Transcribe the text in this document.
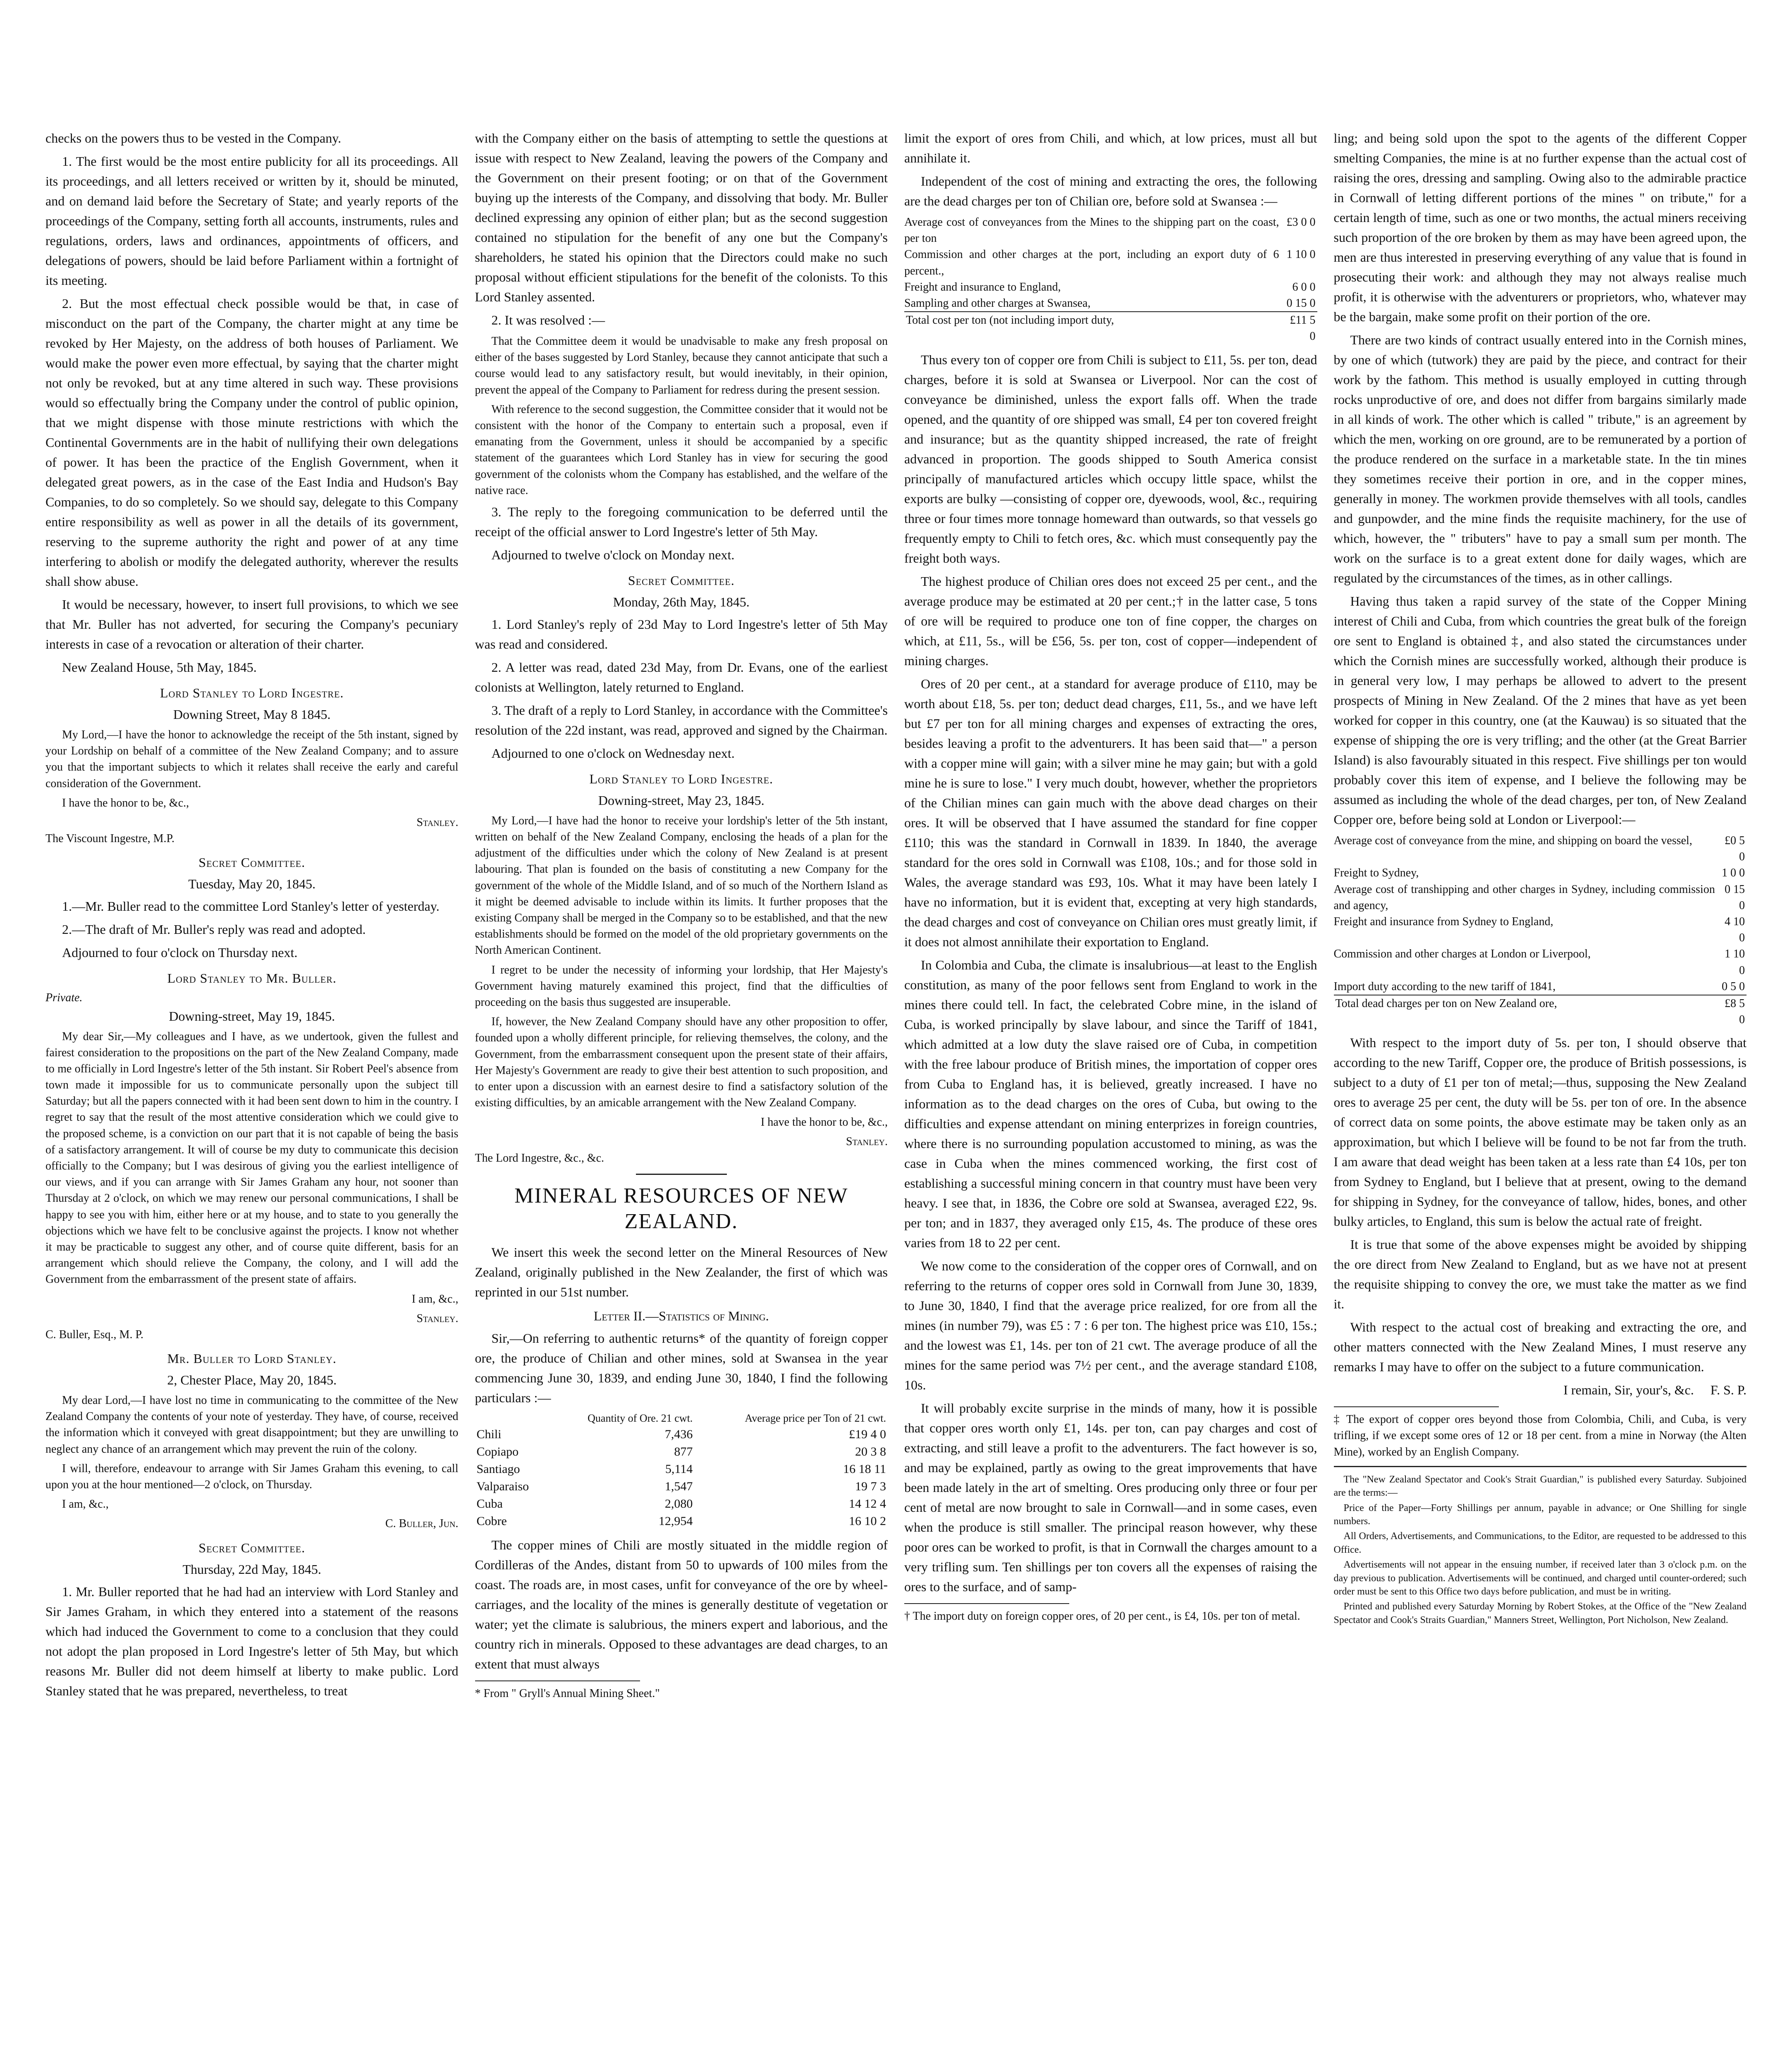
checks on the powers thus to be vested in the Company.

1. The first would be the most entire publicity for all its proceedings. All its proceedings, and all letters received or written by it, should be minuted, and on demand laid before the Secretary of State; and yearly reports of the proceedings of the Company, setting forth all accounts, instruments, rules and regulations, orders, laws and ordinances, appointments of officers, and delegations of powers, should be laid before Parliament within a fortnight of its meeting.

2. But the most effectual check possible would be that, in case of misconduct on the part of the Company, the charter might at any time be revoked by Her Majesty, on the address of both houses of Parliament. We would make the power even more effectual, by saying that the charter might not only be revoked, but at any time altered in such way. These provisions would so effectually bring the Company under the control of public opinion, that we might dispense with those minute restrictions with which the Continental Governments are in the habit of nullifying their own delegations of power. It has been the practice of the English Government, when it delegated great powers, as in the case of the East India and Hudson's Bay Companies, to do so completely. So we should say, delegate to this Company entire responsibility as well as power in all the details of its government, reserving to the supreme authority the right and power of at any time interfering to abolish or modify the delegated authority, wherever the results shall show abuse.

It would be necessary, however, to insert full provisions, to which we see that Mr. Buller has not adverted, for securing the Company's pecuniary interests in case of a revocation or alteration of their charter.

New Zealand House, 5th May, 1845.

Lord Stanley to Lord Ingestre.
Downing Street, May 8 1845.

My Lord,—I have the honor to acknowledge the receipt of the 5th instant, signed by your Lordship on behalf of a committee of the New Zealand Company; and to assure you that the important subjects to which it relates shall receive the early and careful consideration of the Government.

I have the honor to be, &c.,

Stanley.
The Viscount Ingestre, M.P.
Secret Committee.
Tuesday, May 20, 1845.

1.—Mr. Buller read to the committee Lord Stanley's letter of yesterday.

2.—The draft of Mr. Buller's reply was read and adopted.

Adjourned to four o'clock on Thursday next.

Lord Stanley to Mr. Buller.
Private.
Downing-street, May 19, 1845.

My dear Sir,—My colleagues and I have, as we undertook, given the fullest and fairest consideration to the propositions on the part of the New Zealand Company, made to me officially in Lord Ingestre's letter of the 5th instant. Sir Robert Peel's absence from town made it impossible for us to communicate personally upon the subject till Saturday; but all the papers connected with it had been sent down to him in the country. I regret to say that the result of the most attentive consideration which we could give to the proposed scheme, is a conviction on our part that it is not capable of being the basis of a satisfactory arrangement. It will of course be my duty to communicate this decision officially to the Company; but I was desirous of giving you the earliest intelligence of our views, and if you can arrange with Sir James Graham any hour, not sooner than Thursday at 2 o'clock, on which we may renew our personal communications, I shall be happy to see you with him, either here or at my house, and to state to you generally the objections which we have felt to be conclusive against the projects. I know not whether it may be practicable to suggest any other, and of course quite different, basis for an arrangement which should relieve the Company, the colony, and I will add the Government from the embarrassment of the present state of affairs.

I am, &c.,

Stanley.
C. Buller, Esq., M. P.
Mr. Buller to Lord Stanley.
2, Chester Place, May 20, 1845.

My dear Lord,—I have lost no time in communicating to the committee of the New Zealand Company the contents of your note of yesterday. They have, of course, received the information which it conveyed with great disappointment; but they are unwilling to neglect any chance of an arrangement which may prevent the ruin of the colony.

I will, therefore, endeavour to arrange with Sir James Graham this evening, to call upon you at the hour mentioned—2 o'clock, on Thursday.

I am, &c.,

C. Buller, Jun.
Secret Committee.
Thursday, 22d May, 1845.

1. Mr. Buller reported that he had had an interview with Lord Stanley and Sir James Graham, in which they entered into a statement of the reasons which had induced the Government to come to a conclusion that they could not adopt the plan proposed in Lord Ingestre's letter of 5th May, but which reasons Mr. Buller did not deem himself at liberty to make public. Lord Stanley stated that he was prepared, nevertheless, to treat

with the Company either on the basis of attempting to settle the questions at issue with respect to New Zealand, leaving the powers of the Company and the Government on their present footing; or on that of the Government buying up the interests of the Company, and dissolving that body. Mr. Buller declined expressing any opinion of either plan; but as the second suggestion contained no stipulation for the benefit of any one but the Company's shareholders, he stated his opinion that the Directors could make no such proposal without efficient stipulations for the benefit of the colonists. To this Lord Stanley assented.

2. It was resolved :—

That the Committee deem it would be unadvisable to make any fresh proposal on either of the bases suggested by Lord Stanley, because they cannot anticipate that such a course would lead to any satisfactory result, but would inevitably, in their opinion, prevent the appeal of the Company to Parliament for redress during the present session.

With reference to the second suggestion, the Committee consider that it would not be consistent with the honor of the Company to entertain such a proposal, even if emanating from the Government, unless it should be accompanied by a specific statement of the guarantees which Lord Stanley has in view for securing the good government of the colonists whom the Company has established, and the welfare of the native race.

3. The reply to the foregoing communication to be deferred until the receipt of the official answer to Lord Ingestre's letter of 5th May.

Adjourned to twelve o'clock on Monday next.

Secret Committee.
Monday, 26th May, 1845.

1. Lord Stanley's reply of 23d May to Lord Ingestre's letter of 5th May was read and considered.

2. A letter was read, dated 23d May, from Dr. Evans, one of the earliest colonists at Wellington, lately returned to England.

3. The draft of a reply to Lord Stanley, in accordance with the Committee's resolution of the 22d instant, was read, approved and signed by the Chairman.

Adjourned to one o'clock on Wednesday next.

Lord Stanley to Lord Ingestre.
Downing-street, May 23, 1845.

My Lord,—I have had the honor to receive your lordship's letter of the 5th instant, written on behalf of the New Zealand Company, enclosing the heads of a plan for the adjustment of the difficulties under which the colony of New Zealand is at present labouring. That plan is founded on the basis of constituting a new Company for the government of the whole of the Middle Island, and of so much of the Northern Island as it might be deemed advisable to include within its limits. It further proposes that the existing Company shall be merged in the Company so to be established, and that the new establishments should be formed on the model of the old proprietary governments on the North American Continent.

I regret to be under the necessity of informing your lordship, that Her Majesty's Government having maturely examined this project, find that the difficulties of proceeding on the basis thus suggested are insuperable.

If, however, the New Zealand Company should have any other proposition to offer, founded upon a wholly different principle, for relieving themselves, the colony, and the Government, from the embarrassment consequent upon the present state of their affairs, Her Majesty's Government are ready to give their best attention to such proposition, and to enter upon a discussion with an earnest desire to find a satisfactory solution of the existing difficulties, by an amicable arrangement with the New Zealand Company.

I have the honor to be, &c.,

Stanley.
The Lord Ingestre, &c., &c.
MINERAL RESOURCES OF NEW ZEALAND.

We insert this week the second letter on the Mineral Resources of New Zealand, originally published in the New Zealander, the first of which was reprinted in our 51st number.

Letter II.—Statistics of Mining.

Sir,—On referring to authentic returns* of the quantity of foreign copper ore, the produce of Chilian and other mines, sold at Swansea in the year commencing June 30, 1839, and ending June 30, 1840, I find the following particulars :—

	Quantity of Ore. 21 cwt.	Average price per Ton of 21 cwt.
Chili	7,436	£19 4 0
Copiapo	877	20 3 8
Santiago	5,114	16 18 11
Valparaiso	1,547	19 7 3
Cuba	2,080	14 12 4
Cobre	12,954	16 10 2

The copper mines of Chili are mostly situated in the middle region of Cordilleras of the Andes, distant from 50 to upwards of 100 miles from the coast. The roads are, in most cases, unfit for conveyance of the ore by wheel-carriages, and the locality of the mines is generally destitute of vegetation or water; yet the climate is salubrious, the miners expert and laborious, and the country rich in minerals. Opposed to these advantages are dead charges, to an extent that must always

* From " Gryll's Annual Mining Sheet."

limit the export of ores from Chili, and which, at low prices, must all but annihilate it.

Independent of the cost of mining and extracting the ores, the following are the dead charges per ton of Chilian ore, before sold at Swansea :—

Average cost of conveyances from the Mines to the shipping part on the coast, per ton	£3 0 0
Commission and other charges at the port, including an export duty of 6 percent.,	1 10 0
Freight and insurance to England,	6 0 0
Sampling and other charges at Swansea,	0 15 0
Total cost per ton (not including import duty,	£11 5 0

Thus every ton of copper ore from Chili is subject to £11, 5s. per ton, dead charges, before it is sold at Swansea or Liverpool. Nor can the cost of conveyance be diminished, unless the export falls off. When the trade opened, and the quantity of ore shipped was small, £4 per ton covered freight and insurance; but as the quantity shipped increased, the rate of freight advanced in proportion. The goods shipped to South America consist principally of manufactured articles which occupy little space, whilst the exports are bulky —consisting of copper ore, dyewoods, wool, &c., requiring three or four times more tonnage homeward than outwards, so that vessels go frequently empty to Chili to fetch ores, &c. which must consequently pay the freight both ways.

The highest produce of Chilian ores does not exceed 25 per cent., and the average produce may be estimated at 20 per cent.;† in the latter case, 5 tons of ore will be required to produce one ton of fine copper, the charges on which, at £11, 5s., will be £56, 5s. per ton, cost of copper—independent of mining charges.

Ores of 20 per cent., at a standard for average produce of £110, may be worth about £18, 5s. per ton; deduct dead charges, £11, 5s., and we have left but £7 per ton for all mining charges and expenses of extracting the ores, besides leaving a profit to the adventurers. It has been said that—" a person with a copper mine will gain; with a silver mine he may gain; but with a gold mine he is sure to lose." I very much doubt, however, whether the proprietors of the Chilian mines can gain much with the above dead charges on their ores. It will be observed that I have assumed the standard for fine copper £110; this was the standard in Cornwall in 1839. In 1840, the average standard for the ores sold in Cornwall was £108, 10s.; and for those sold in Wales, the average standard was £93, 10s. What it may have been lately I have no information, but it is evident that, excepting at very high standards, the dead charges and cost of conveyance on Chilian ores must greatly limit, if it does not almost annihilate their exportation to England.

In Colombia and Cuba, the climate is insalubrious—at least to the English constitution, as many of the poor fellows sent from England to work in the mines there could tell. In fact, the celebrated Cobre mine, in the island of Cuba, is worked principally by slave labour, and since the Tariff of 1841, which admitted at a low duty the slave raised ore of Cuba, in competition with the free labour produce of British mines, the importation of copper ores from Cuba to England has, it is believed, greatly increased. I have no information as to the dead charges on the ores of Cuba, but owing to the difficulties and expense attendant on mining enterprizes in foreign countries, where there is no surrounding population accustomed to mining, as was the case in Cuba when the mines commenced working, the first cost of establishing a successful mining concern in that country must have been very heavy. I see that, in 1836, the Cobre ore sold at Swansea, averaged £22, 9s. per ton; and in 1837, they averaged only £15, 4s. The produce of these ores varies from 18 to 22 per cent.

We now come to the consideration of the copper ores of Cornwall, and on referring to the returns of copper ores sold in Cornwall from June 30, 1839, to June 30, 1840, I find that the average price realized, for ore from all the mines (in number 79), was £5 : 7 : 6 per ton. The highest price was £10, 15s.; and the lowest was £1, 14s. per ton of 21 cwt. The average produce of all the mines for the same period was 7½ per cent., and the average standard £108, 10s.

It will probably excite surprise in the minds of many, how it is possible that copper ores worth only £1, 14s. per ton, can pay charges and cost of extracting, and still leave a profit to the adventurers. The fact however is so, and may be explained, partly as owing to the great improvements that have been made lately in the art of smelting. Ores producing only three or four per cent of metal are now brought to sale in Cornwall—and in some cases, even when the produce is still smaller. The principal reason however, why these poor ores can be worked to profit, is that in Cornwall the charges amount to a very trifling sum. Ten shillings per ton covers all the expenses of raising the ores to the surface, and of samp-

† The import duty on foreign copper ores, of 20 per cent., is £4, 10s. per ton of metal.

ling; and being sold upon the spot to the agents of the different Copper smelting Companies, the mine is at no further expense than the actual cost of raising the ores, dressing and sampling. Owing also to the admirable practice in Cornwall of letting different portions of the mines " on tribute," for a certain length of time, such as one or two months, the actual miners receiving such proportion of the ore broken by them as may have been agreed upon, the men are thus interested in preserving everything of any value that is found in prosecuting their work: and although they may not always realise much profit, it is otherwise with the adventurers or proprietors, who, whatever may be the bargain, make some profit on their portion of the ore.

There are two kinds of contract usually entered into in the Cornish mines, by one of which (tutwork) they are paid by the piece, and contract for their work by the fathom. This method is usually employed in cutting through rocks unproductive of ore, and does not differ from bargains similarly made in all kinds of work. The other which is called " tribute," is an agreement by which the men, working on ore ground, are to be remunerated by a portion of the produce rendered on the surface in a marketable state. In the tin mines they sometimes receive their portion in ore, and in the copper mines, generally in money. The workmen provide themselves with all tools, candles and gunpowder, and the mine finds the requisite machinery, for the use of which, however, the " tributers" have to pay a small sum per month. The work on the surface is to a great extent done for daily wages, which are regulated by the circumstances of the times, as in other callings.

Having thus taken a rapid survey of the state of the Copper Mining interest of Chili and Cuba, from which countries the great bulk of the foreign ore sent to England is obtained ‡, and also stated the circumstances under which the Cornish mines are successfully worked, although their produce is in general very low, I may perhaps be allowed to advert to the present prospects of Mining in New Zealand. Of the 2 mines that have as yet been worked for copper in this country, one (at the Kauwau) is so situated that the expense of shipping the ore is very trifling; and the other (at the Great Barrier Island) is also favourably situated in this respect. Five shillings per ton would probably cover this item of expense, and I believe the following may be assumed as including the whole of the dead charges, per ton, of New Zealand Copper ore, before being sold at London or Liverpool:—

Average cost of conveyance from the mine, and shipping on board the vessel,	£0 5 0
Freight to Sydney,	1 0 0
Average cost of transhipping and other charges in Sydney, including commission and agency,	0 15 0
Freight and insurance from Sydney to England,	4 10 0
Commission and other charges at London or Liverpool,	1 10 0
Import duty according to the new tariff of 1841,	0 5 0
Total dead charges per ton on New Zealand ore,	£8 5 0

With respect to the import duty of 5s. per ton, I should observe that according to the new Tariff, Copper ore, the produce of British possessions, is subject to a duty of £1 per ton of metal;—thus, supposing the New Zealand ores to average 25 per cent, the duty will be 5s. per ton of ore. In the absence of correct data on some points, the above estimate may be taken only as an approximation, but which I believe will be found to be not far from the truth. I am aware that dead weight has been taken at a less rate than £4 10s, per ton from Sydney to England, but I believe that at present, owing to the demand for shipping in Sydney, for the conveyance of tallow, hides, bones, and other bulky articles, to England, this sum is below the actual rate of freight.

It is true that some of the above expenses might be avoided by shipping the ore direct from New Zealand to England, but as we have not at present the requisite shipping to convey the ore, we must take the matter as we find it.

With respect to the actual cost of breaking and extracting the ore, and other matters connected with the New Zealand Mines, I must reserve any remarks I may have to offer on the subject to a future communication.

I remain, Sir, your's, &c. F. S. P.

‡ The export of copper ores beyond those from Colombia, Chili, and Cuba, is very trifling, if we except some ores of 12 or 18 per cent. from a mine in Norway (the Alten Mine), worked by an English Company.

The "New Zealand Spectator and Cook's Strait Guardian," is published every Saturday. Subjoined are the terms:—

Price of the Paper—Forty Shillings per annum, payable in advance; or One Shilling for single numbers.

All Orders, Advertisements, and Communications, to the Editor, are requested to be addressed to this Office.

Advertisements will not appear in the ensuing number, if received later than 3 o'clock p.m. on the day previous to publication. Advertisements will be continued, and charged until counter-ordered; such order must be sent to this Office two days before publication, and must be in writing.

Printed and published every Saturday Morning by Robert Stokes, at the Office of the "New Zealand Spectator and Cook's Straits Guardian," Manners Street, Wellington, Port Nicholson, New Zealand.
